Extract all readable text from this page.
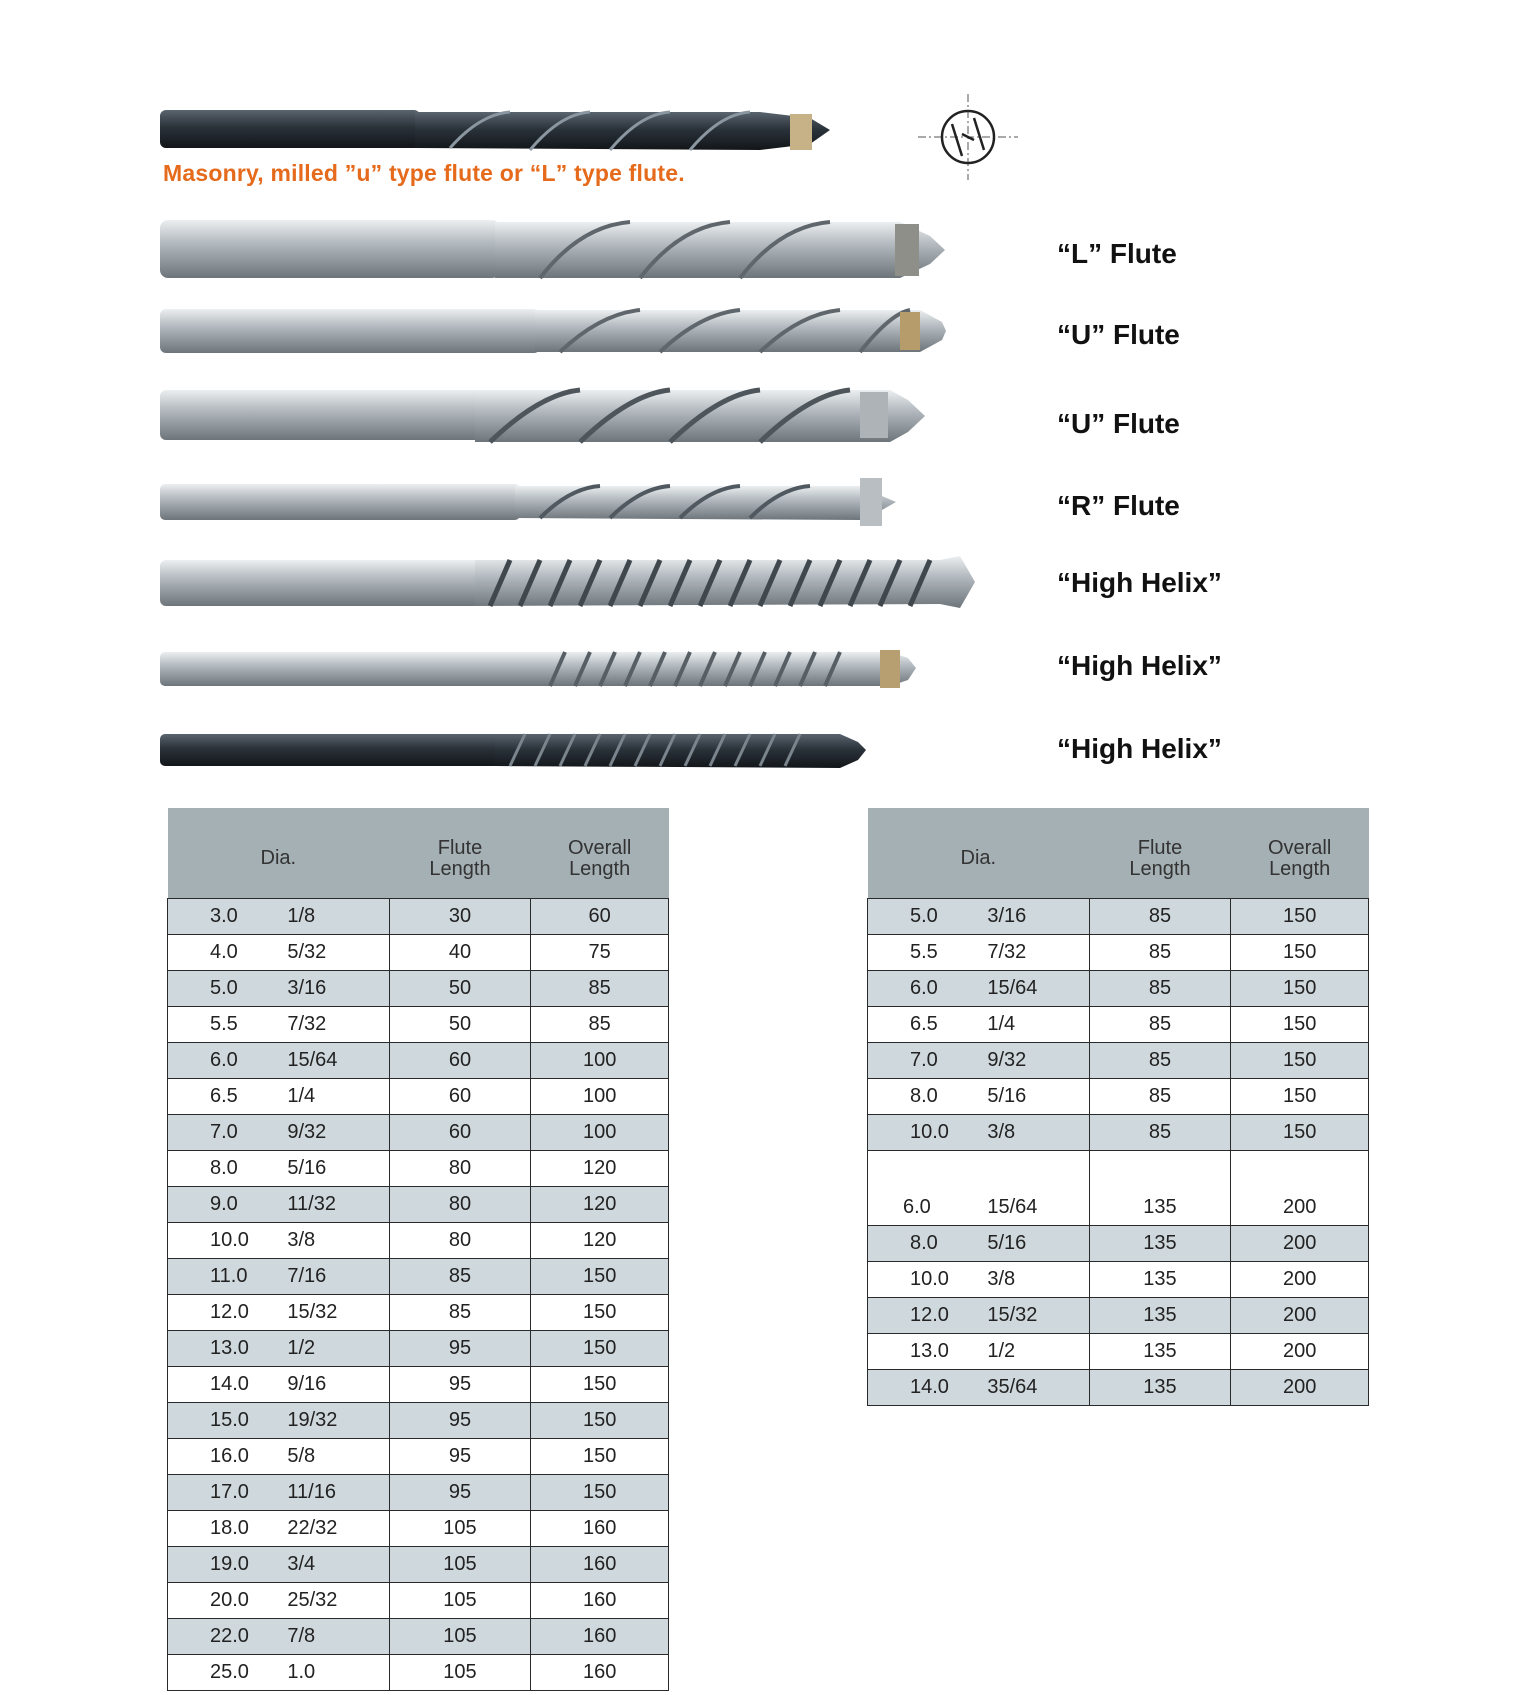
Masonry, milled ”u” type flute or “L” type flute.
“L” Flute
“U” Flute
“U” Flute
“R” Flute
“High Helix”
“High Helix”
“High Helix”
Dia.		Flute
Length	Overall
Length
3.0	1/8	30	60
4.0	5/32	40	75
5.0	3/16	50	85
5.5	7/32	50	85
6.0	15/64	60	100
6.5	1/4	60	100
7.0	9/32	60	100
8.0	5/16	80	120
9.0	11/32	80	120
10.0	3/8	80	120
11.0	7/16	85	150
12.0	15/32	85	150
13.0	1/2	95	150
14.0	9/16	95	150
15.0	19/32	95	150
16.0	5/8	95	150
17.0	11/16	95	150
18.0	22/32	105	160
19.0	3/4	105	160
20.0	25/32	105	160
22.0	7/8	105	160
25.0	1.0	105	160
Dia.		Flute
Length	Overall
Length
5.0	3/16	85	150
5.5	7/32	85	150
6.0	15/64	85	150
6.5	1/4	85	150
7.0	9/32	85	150
8.0	5/16	85	150
10.0	3/8	85	150
6.0	15/64	135	200
8.0	5/16	135	200
10.0	3/8	135	200
12.0	15/32	135	200
13.0	1/2	135	200
14.0	35/64	135	200
